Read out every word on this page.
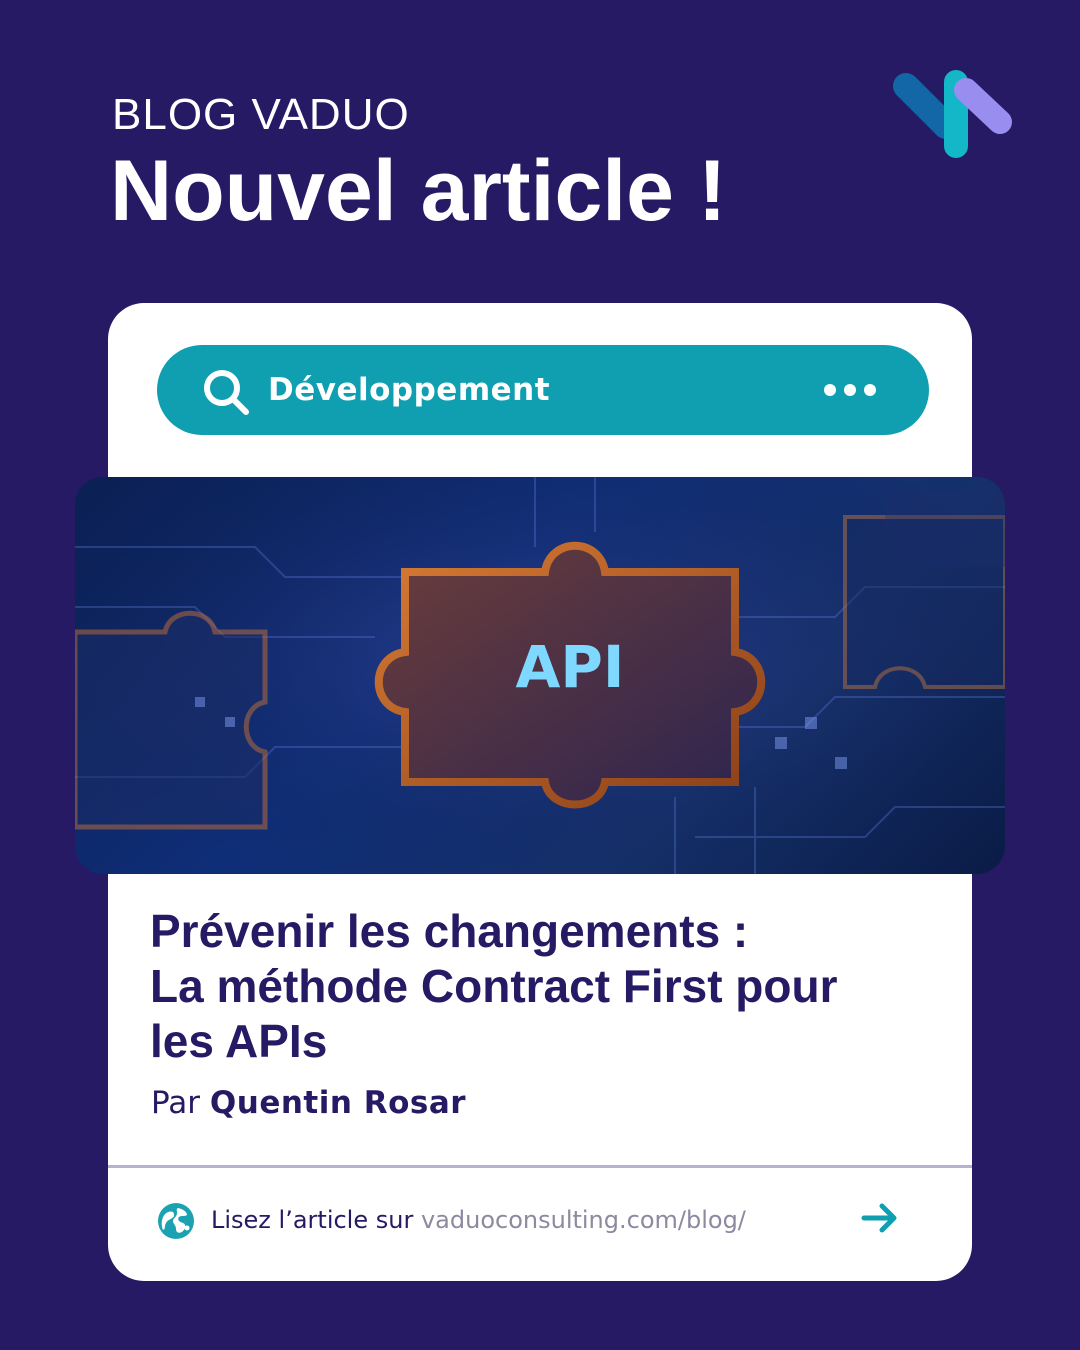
BLOG VADUO
Nouvel article !
Développement
API
Prévenir les changements :
La méthode Contract First pour
les APIs
Par Quentin Rosar
Lisez l’article sur vaduoconsulting.com/blog/
